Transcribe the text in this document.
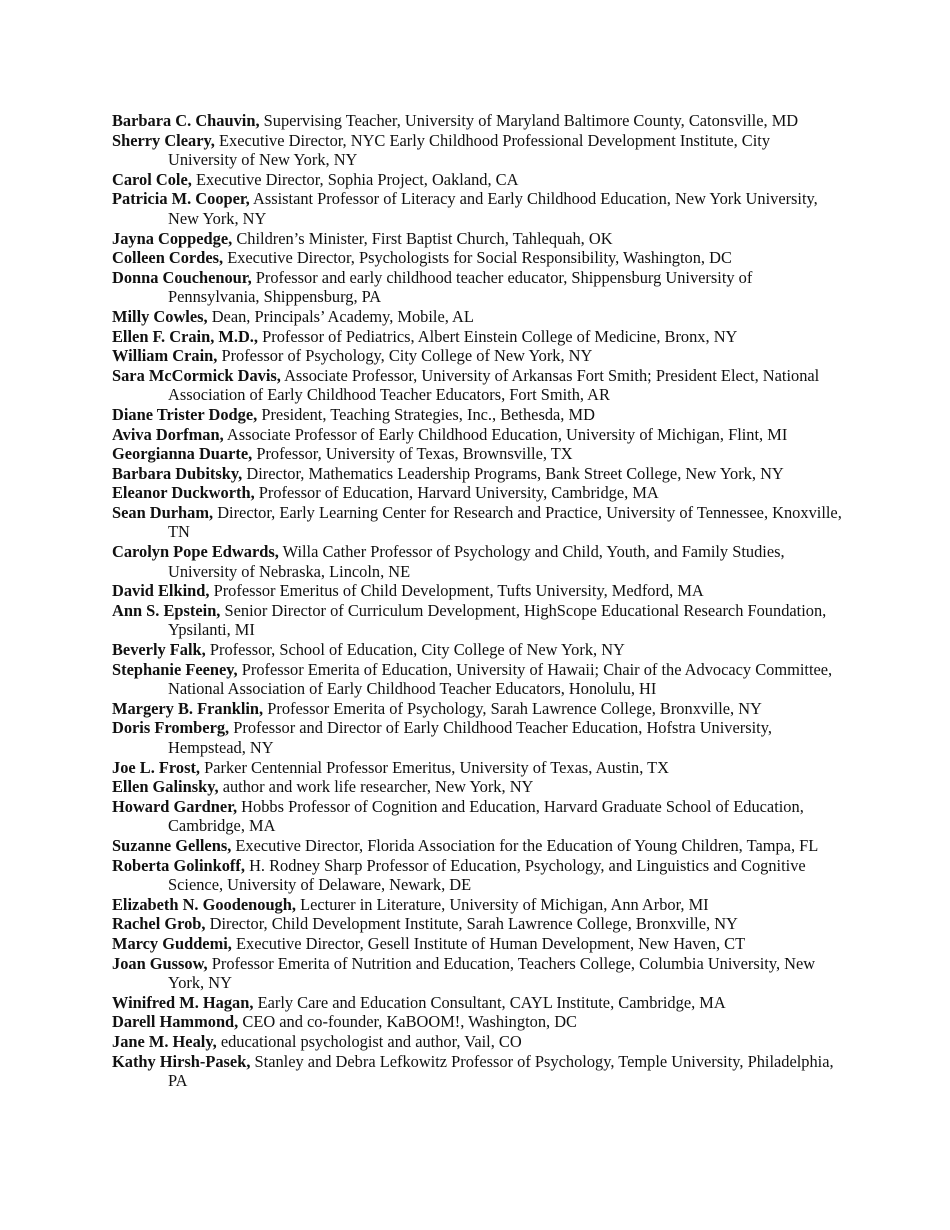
Barbara C. Chauvin, Supervising Teacher, University of Maryland Baltimore County, Catonsville, MD

Sherry Cleary, Executive Director, NYC Early Childhood Professional Development Institute, City University of New York, NY

Carol Cole, Executive Director, Sophia Project, Oakland, CA

Patricia M. Cooper, Assistant Professor of Literacy and Early Childhood Education, New York University, New York, NY

Jayna Coppedge, Children’s Minister, First Baptist Church, Tahlequah, OK

Colleen Cordes, Executive Director, Psychologists for Social Responsibility, Washington, DC

Donna Couchenour, Professor and early childhood teacher educator, Shippensburg University of Pennsylvania, Shippensburg, PA

Milly Cowles, Dean, Principals’ Academy, Mobile, AL

Ellen F. Crain, M.D., Professor of Pediatrics, Albert Einstein College of Medicine, Bronx, NY

William Crain, Professor of Psychology, City College of New York, NY

Sara McCormick Davis, Associate Professor, University of Arkansas Fort Smith; President Elect, National Association of Early Childhood Teacher Educators, Fort Smith, AR

Diane Trister Dodge, President, Teaching Strategies, Inc., Bethesda, MD

Aviva Dorfman, Associate Professor of Early Childhood Education, University of Michigan, Flint, MI

Georgianna Duarte, Professor, University of Texas, Brownsville, TX

Barbara Dubitsky, Director, Mathematics Leadership Programs, Bank Street College, New York, NY

Eleanor Duckworth, Professor of Education, Harvard University, Cambridge, MA

Sean Durham, Director, Early Learning Center for Research and Practice, University of Tennessee, Knoxville, TN

Carolyn Pope Edwards, Willa Cather Professor of Psychology and Child, Youth, and Family Studies, University of Nebraska, Lincoln, NE

David Elkind, Professor Emeritus of Child Development, Tufts University, Medford, MA

Ann S. Epstein, Senior Director of Curriculum Development, HighScope Educational Research Foundation, Ypsilanti, MI

Beverly Falk, Professor, School of Education, City College of New York, NY

Stephanie Feeney, Professor Emerita of Education, University of Hawaii; Chair of the Advocacy Committee, National Association of Early Childhood Teacher Educators, Honolulu, HI

Margery B. Franklin, Professor Emerita of Psychology, Sarah Lawrence College, Bronxville, NY

Doris Fromberg, Professor and Director of Early Childhood Teacher Education, Hofstra University, Hempstead, NY

Joe L. Frost, Parker Centennial Professor Emeritus, University of Texas, Austin, TX

Ellen Galinsky, author and work life researcher, New York, NY

Howard Gardner, Hobbs Professor of Cognition and Education, Harvard Graduate School of Education, Cambridge, MA

Suzanne Gellens, Executive Director, Florida Association for the Education of Young Children, Tampa, FL

Roberta Golinkoff, H. Rodney Sharp Professor of Education, Psychology, and Linguistics and Cognitive Science, University of Delaware, Newark, DE

Elizabeth N. Goodenough, Lecturer in Literature, University of Michigan, Ann Arbor, MI

Rachel Grob, Director, Child Development Institute, Sarah Lawrence College, Bronxville, NY

Marcy Guddemi, Executive Director, Gesell Institute of Human Development, New Haven, CT

Joan Gussow, Professor Emerita of Nutrition and Education, Teachers College, Columbia University, New York, NY

Winifred M. Hagan, Early Care and Education Consultant, CAYL Institute, Cambridge, MA

Darell Hammond, CEO and co-founder, KaBOOM!, Washington, DC

Jane M. Healy, educational psychologist and author, Vail, CO

Kathy Hirsh-Pasek, Stanley and Debra Lefkowitz Professor of Psychology, Temple University, Philadelphia, PA
